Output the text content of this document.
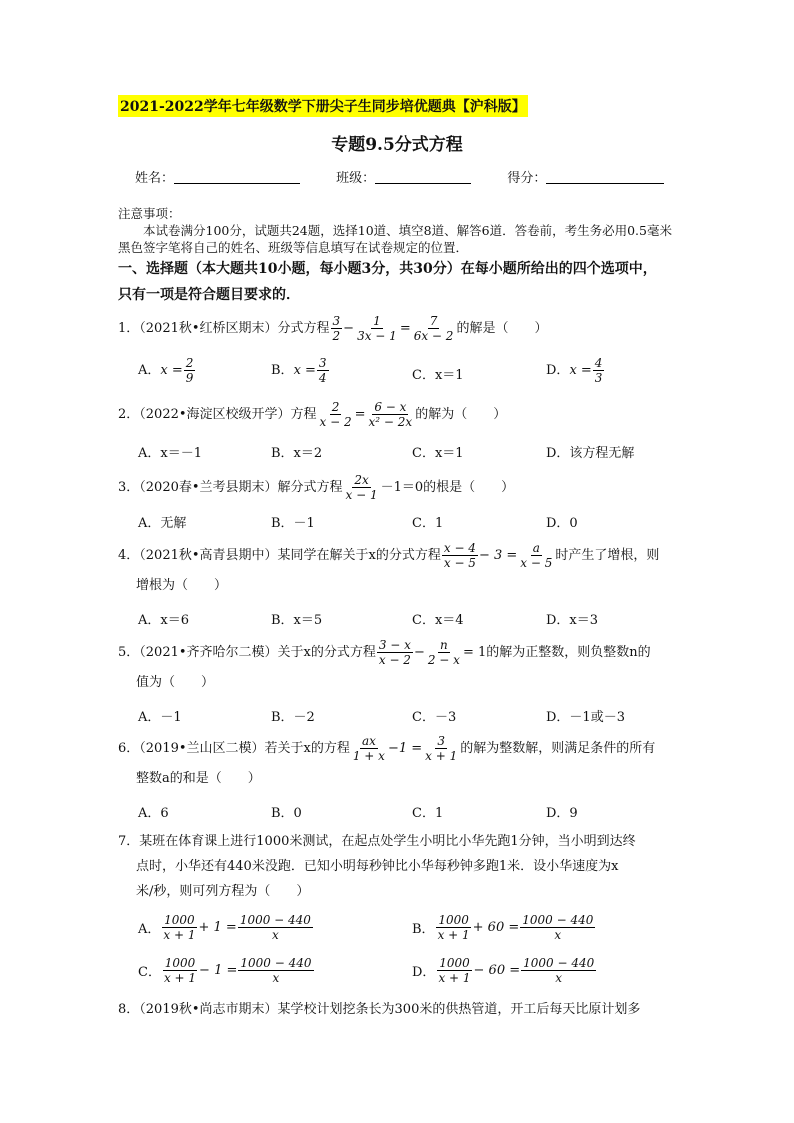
2021-2022学年七年级数学下册尖子生同步培优题典【沪科版】
专题9.5分式方程
姓名：	班级：	得分：

注意事项：

本试卷满分100分，试题共24题，选择10道、填空8道、解答6道．答卷前，考生务必用0.5毫米黑色签字笔将自己的姓名、班级等信息填写在试卷规定的位置．

一、选择题（本大题共10小题，每小题3分，共30分）在每小题所给出的四个选项中，
只有一项是符合题目要求的．
1．（2021秋•红桥区期末）分式方程 $\frac{3}{2} - \frac{1}{3x - 1} = \frac{7}{6x - 2}$ 的解是（　　）
A．$x = \frac{2}{9}$	B．$x = \frac{3}{4}$	C．x＝1	D．$x = \frac{4}{3}$
2．（2022•海淀区校级开学）方程 $\frac{2}{x - 2} = \frac{6 - x}{\text{x² − 2x}}$ 的解为（　　）
A．x＝－1	B．x＝2	C．x＝1	D．该方程无解
3．（2020春•兰考县期末）解分式方程 $\frac{2x}{x - 1} -1=0$的根是（　　）
A．无解	B．－1	C．1	D．0
4．（2021秋•高青县期中）某同学在解关于x的分式方程 $\frac{x - 4}{x - 5} - 3 = \frac{a}{x - 5}$ 时产生了增根，则
增根为（　　）
A．x＝6	B．x＝5	C．x＝4	D．x＝3
5．（2021•齐齐哈尔二模）关于x的分式方程 $\frac{3 - x}{x - 2} - \frac{n}{2 - x} = 1$的解为正整数，则负整数n的
值为（　　）
A．－1	B．－2	C．－3	D．－1或－3
6．（2019•兰山区二模）若关于x的方程 $\frac{ax}{1 + x} -1 = \frac{3}{x + 1}$ 的解为整数解，则满足条件的所有
整数a的和是（　　）
A．6	B．0	C．1	D．9
7．某班在体育课上进行1000米测试，在起点处学生小明比小华先跑1分钟，当小明到达终
点时，小华还有440米没跑．已知小明每秒钟比小华每秒钟多跑1米．设小华速度为x
米/秒，则可列方程为（　　）
A． $\frac{1000}{x + 1} + 1 = \frac{1000 - 440}{x}$	B． $\frac{1000}{x + 1} + 60 = \frac{1000 - 440}{x}$
C． $\frac{1000}{x + 1} - 1 = \frac{1000 - 440}{x}$	D． $\frac{1000}{x + 1} - 60 = \frac{1000 - 440}{x}$
8．（2019秋•尚志市期末）某学校计划挖条长为300米的供热管道，开工后每天比原计划多
